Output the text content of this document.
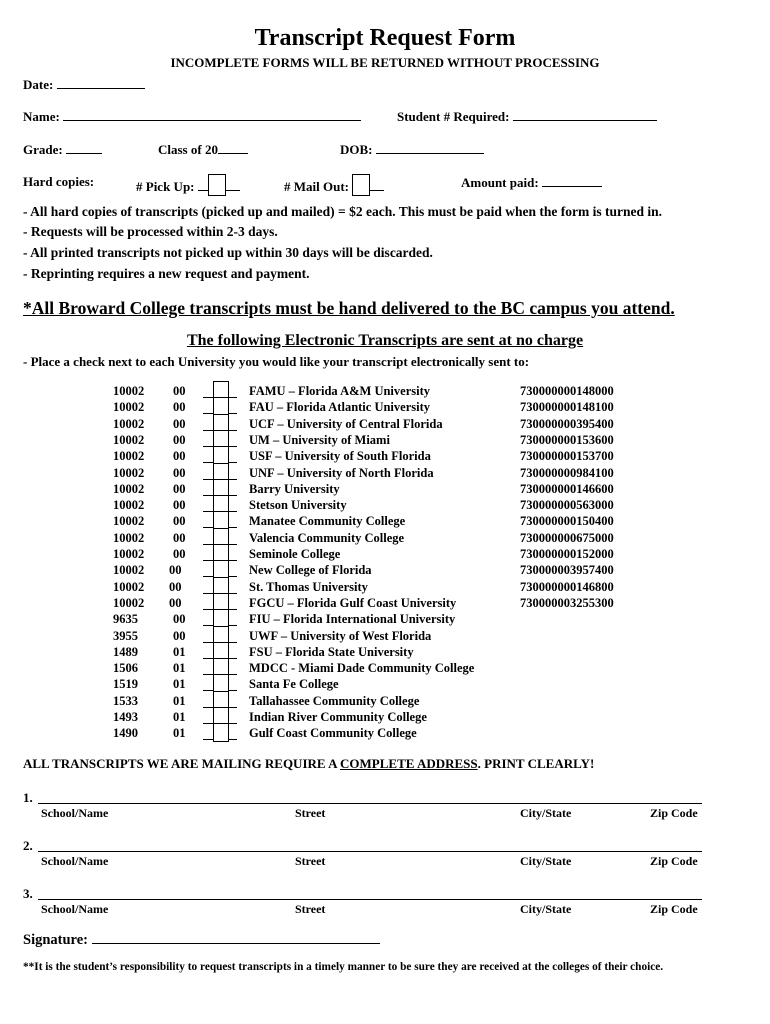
Transcript Request Form
INCOMPLETE FORMS WILL BE RETURNED WITHOUT PROCESSING
Date:
Name:	Student # Required:
Grade:	Class of 20	DOB:
Hard copies:	# Pick Up:	# Mail Out:	Amount paid:
- All hard copies of transcripts (picked up and mailed) = $2 each. This must be paid when the form is turned in.
- Requests will be processed within 2-3 days.
- All printed transcripts not picked up within 30 days will be discarded.
- Reprinting requires a new request and payment.
*All Broward College transcripts must be hand delivered to the BC campus you attend.
The following Electronic Transcripts are sent at no charge
- Place a check next to each University you would like your transcript electronically sent to:
10002 00	FAMU – Florida A&M University	730000000148000
10002 00	FAU – Florida Atlantic University	730000000148100
10002 00	UCF – University of Central Florida	730000000395400
10002 00	UM – University of Miami	730000000153600
10002 00	USF – University of South Florida	730000000153700
10002 00	UNF – University of North Florida	730000000984100
10002 00	Barry University	730000000146600
10002 00	Stetson University	730000000563000
10002 00	Manatee Community College	730000000150400
10002 00	Valencia Community College	730000000675000
10002 00	Seminole College	730000000152000
10002 00	New College of Florida	730000003957400
10002 00	St. Thomas University	730000000146800
10002 00	FGCU – Florida Gulf Coast University	730000003255300
9635	00	FIU – Florida International University
3955	00	UWF – University of West Florida
1489	01	FSU – Florida State University
1506	01	MDCC - Miami Dade Community College
1519	01	Santa Fe College
1533	01	Tallahassee Community College
1493	01	Indian River Community College
1490	01	Gulf Coast Community College
ALL TRANSCRIPTS WE ARE MAILING REQUIRE A COMPLETE ADDRESS. PRINT CLEARLY!
1.
School/Name	Street	City/State	Zip Code
2.
School/Name	Street	City/State	Zip Code
3.
School/Name	Street	City/State	Zip Code
Signature:
**It is the student’s responsibility to request transcripts in a timely manner to be sure they are received at the colleges of their choice.
